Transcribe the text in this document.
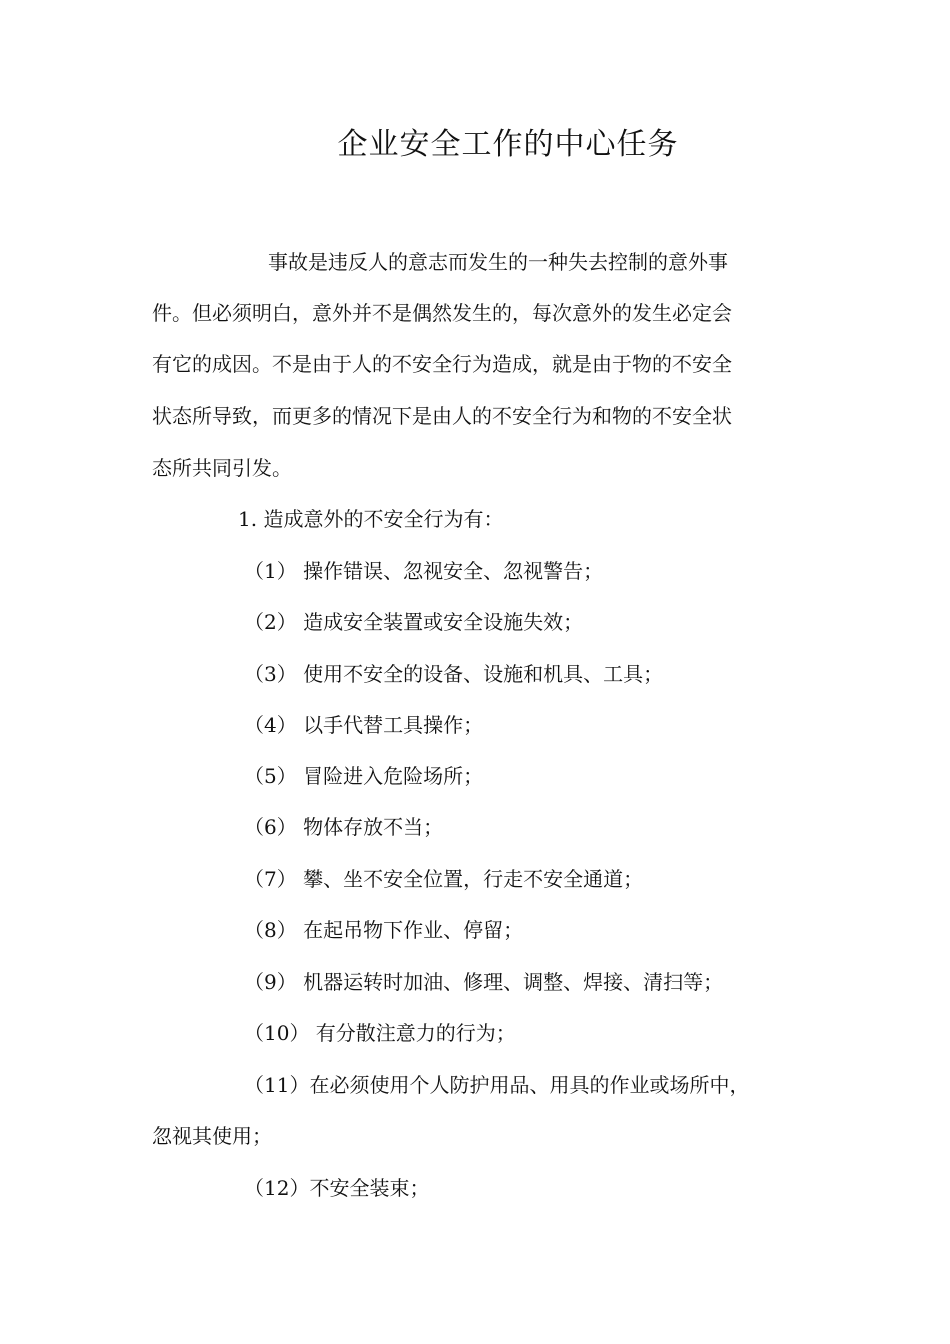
企业安全工作的中心任务
事故是违反人的意志而发生的一种失去控制的意外事
件。但必须明白，意外并不是偶然发生的，每次意外的发生必定会
有它的成因。不是由于人的不安全行为造成，就是由于物的不安全
状态所导致，而更多的情况下是由人的不安全行为和物的不安全状
态所共同引发。
1. 造成意外的不安全行为有：
（1） 操作错误、忽视安全、忽视警告；
（2） 造成安全装置或安全设施失效；
（3） 使用不安全的设备、设施和机具、工具；
（4） 以手代替工具操作；
（5） 冒险进入危险场所；
（6） 物体存放不当；
（7） 攀、坐不安全位置，行走不安全通道；
（8） 在起吊物下作业、停留；
（9） 机器运转时加油、修理、调整、焊接、清扫等；
（10） 有分散注意力的行为；
（11）在必须使用个人防护用品、用具的作业或场所中，
忽视其使用；
（12）不安全装束；
